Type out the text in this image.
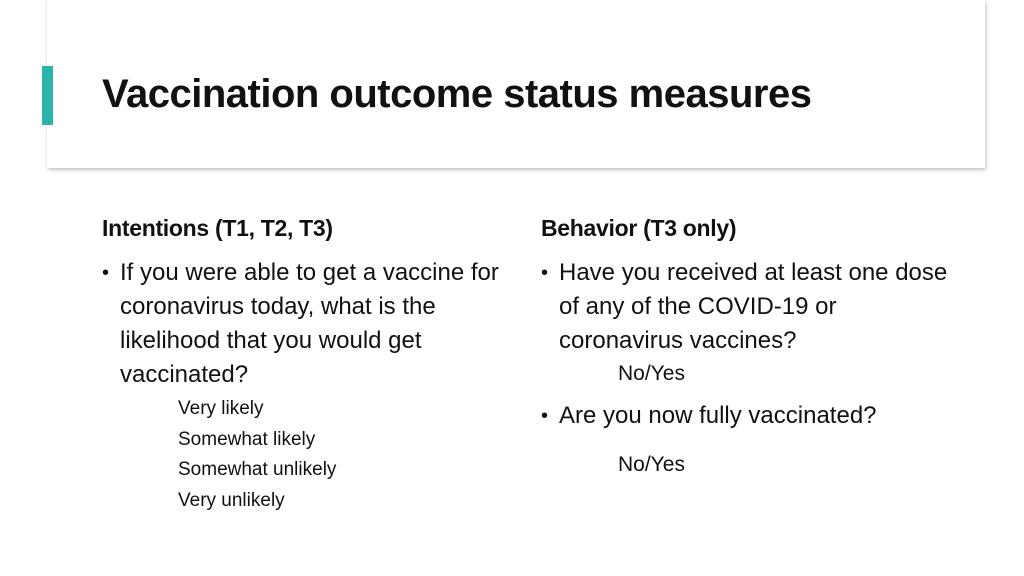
Vaccination outcome status measures
Intentions (T1, T2, T3)
• If you were able to get a vaccine for coronavirus today, what is the likelihood that you would get vaccinated?
Very likely
Somewhat likely
Somewhat unlikely
Very unlikely
Behavior (T3 only)
• Have you received at least one dose of any of the COVID-19 or coronavirus vaccines?
No/Yes
• Are you now fully vaccinated?
No/Yes
